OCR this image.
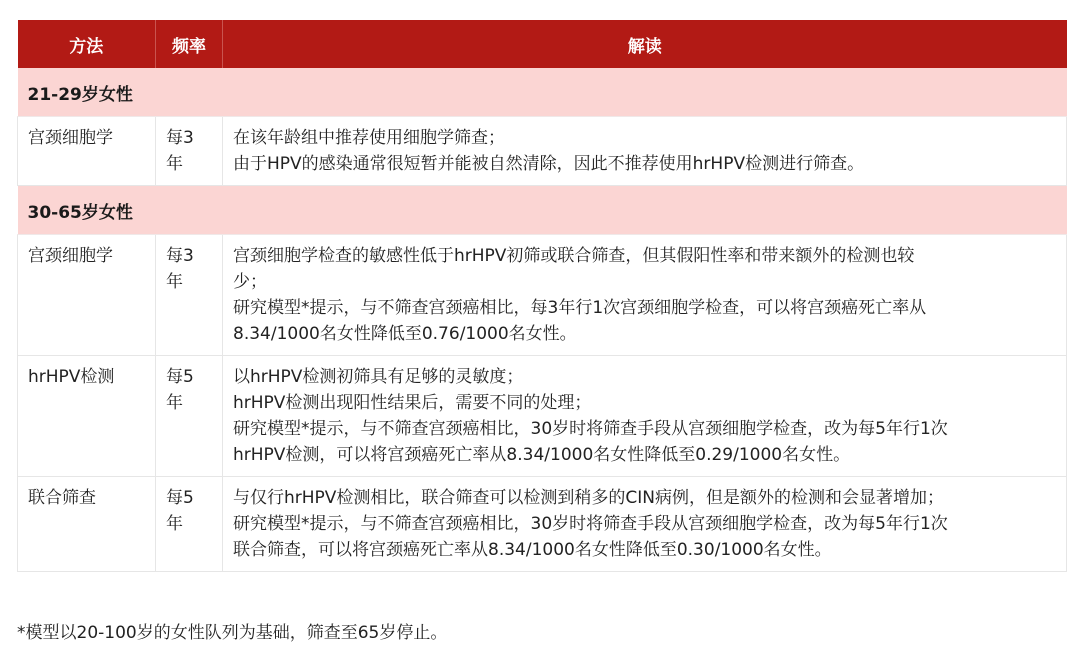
方法	频率	解读
21-29岁女性		
宫颈细胞学	每3
年	在该年龄组中推荐使用细胞学筛查；
由于HPV的感染通常很短暂并能被自然清除，因此不推荐使用hrHPV检测进行筛查。

30-65岁女性		
宫颈细胞学	每3
年	宫颈细胞学检查的敏感性低于hrHPV初筛或联合筛查，但其假阳性率和带来额外的检测也较
少；
研究模型*提示，与不筛查宫颈癌相比，每3年行1次宫颈细胞学检查，可以将宫颈癌死亡率从
8.34/1000名女性降低至0.76/1000名女性。

hrHPV检测	每5
年	以hrHPV检测初筛具有足够的灵敏度；
hrHPV检测出现阳性结果后，需要不同的处理；
研究模型*提示，与不筛查宫颈癌相比，30岁时将筛查手段从宫颈细胞学检查，改为每5年行1次
hrHPV检测，可以将宫颈癌死亡率从8.34/1000名女性降低至0.29/1000名女性。

联合筛查	每5
年	与仅行hrHPV检测相比，联合筛查可以检测到稍多的CIN病例，但是额外的检测和会显著增加；
研究模型*提示，与不筛查宫颈癌相比，30岁时将筛查手段从宫颈细胞学检查，改为每5年行1次
联合筛查，可以将宫颈癌死亡率从8.34/1000名女性降低至0.30/1000名女性。
*模型以20-100岁的女性队列为基础，筛查至65岁停止。
